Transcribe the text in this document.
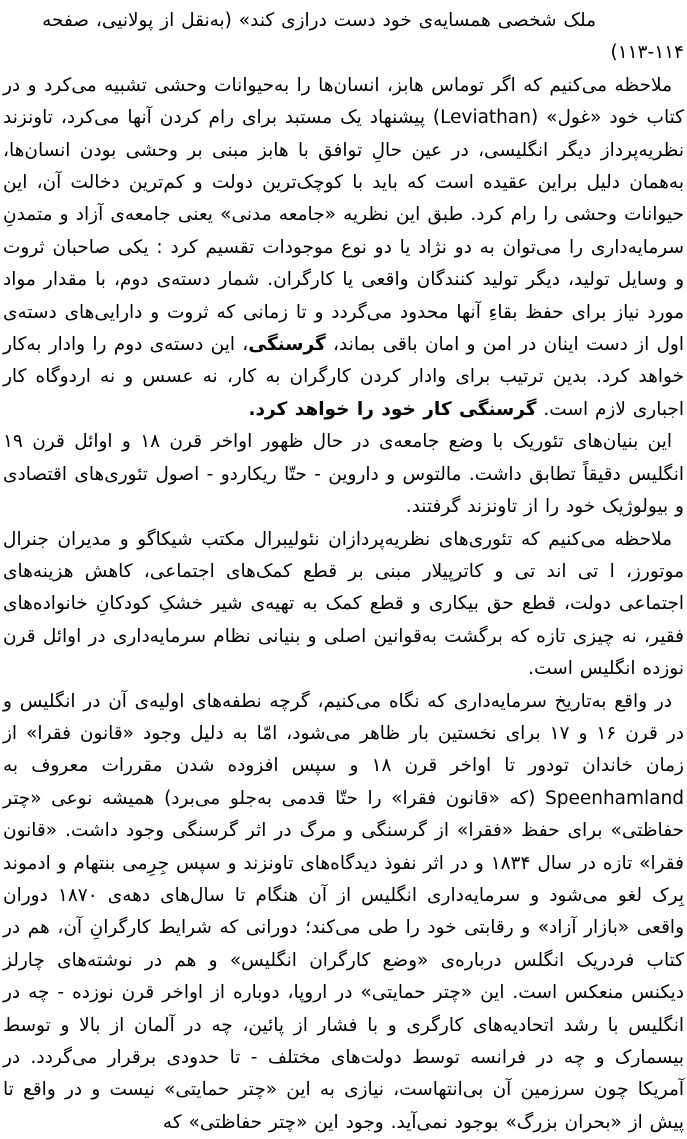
ملک شخصی همسایه‌ی خود دست درازی کند» (به‌نقل از پولانیی، صفحه ۱۱۴-۱۱۳)

ملاحظه می‌کنیم که اگر توماس هابز، انسان‌ها را به‌حیوانات وحشی تشبیه می‌کرد و در کتاب خود «غول» (Leviathan) پیشنهاد یک مستبد برای رام کردن آنها می‌کرد، تاونزند نظریه‌پرداز دیگر انگلیسی، در عین حالِ توافق با هابز مبنی بر وحشی بودن انسان‌ها، به‌همان دلیل براین عقیده است که باید با کوچک‌ترین دولت و کم‌ترین دخالت آن، این حیوانات وحشی را رام کرد. طبق این نظریه «جامعه مدنی» یعنی جامعه‌ی آزاد و متمدنِ سرمایه‌داری را می‌توان به دو نژاد یا دو نوع موجودات تقسیم کرد : یکی صاحبان ثروت و وسایل تولید، دیگر تولید کنندگان واقعی یا کارگران. شمار دسته‌ی دوم، با مقدار مواد مورد نیاز برای حفظ بقاءِ آنها محدود می‌گردد و تا زمانی که ثروت و دارایی‌های دسته‌ی اول از دست اینان در امن و امان باقی بماند، گرسنگی، این دسته‌ی دوم را وادار به‌کار خواهد کرد. بدین ترتیب برای وادار کردن کارگران به کار، نه عسس و نه اردوگاه کار اجباری لازم است. گرسنگی کار خود را خواهد کرد.

این بنیان‌های تئوریک با وضع جامعه‌ی در حال ظهور اواخر قرن ۱۸ و اوائل قرن ۱۹ انگلیس دقیقاً تطابق داشت. مالتوس و داروین - حتّا ریکاردو - اصول تئوری‌های اقتصادی و بیولوژیک خود را از تاونزند گرفتند.

ملاحظه می‌کنیم که تئوری‌های نظریه‌پردازان نئولیبرال مکتب شیکاگو و مدیران جنرال موتورز، ا تی اند تی و کاترپیلار مبنی بر قطع کمک‌های اجتماعی، کاهش هزینه‌های اجتماعی دولت، قطع حق بیکاری و قطع کمک به تهیه‌ی شیر خشکِ کودکانِ خانواده‌های فقیر، نه چیزی تازه که برگشت به‌قوانین اصلی و بنیانی نظام سرمایه‌داری در اوائل قرن نوزده انگلیس است.

در واقع به‌تاریخ سرمایه‌داری که نگاه می‌کنیم، گرچه نطفه‌های اولیه‌ی آن در انگلیس و در قرن ۱۶ و ۱۷ برای نخستین بار ظاهر می‌شود، امّا به دلیل وجود «قانون فقرا» از زمان خاندان تودور تا اواخر قرن ۱۸ و سپس افزوده شدن مقررات معروف به Speenhamland (که «قانون فقرا» را حتّا قدمی به‌جلو می‌برد) همیشه نوعی «چتر حفاظتی» برای حفظ «فقرا» از گرسنگی و مرگ در اثر گرسنگی وجود داشت. «قانون فقرا» تازه در سال ۱۸۳۴ و در اثر نفوذ دیدگاه‌های تاونزند و سپس جِرِمی بنتهام و ادموند بِرک لغو می‌شود و سرمایه‌داری انگلیس از آن هنگام تا سال‌های دهه‌ی ۱۸۷۰ دوران واقعی «بازار آزاد» و رقابتی خود را طی می‌کند؛ دورانی که شرایط کارگرانِ آن، هم در کتاب فردریک انگلس درباره‌ی «وضع کارگران انگلیس» و هم در نوشته‌های چارلز دیکنس منعکس است. این «چتر حمایتی» در اروپا، دوباره از اواخر قرن نوزده - چه در انگلیس با رشد اتحادیه‌های کارگری و با فشار از پائین، چه در آلمان از بالا و توسط بیسمارک و چه در فرانسه توسط دولت‌های مختلف - تا حدودی برقرار می‌گردد. در آمریکا چون سرزمین آن بی‌انتهاست، نیازی به این «چتر حمایتی» نیست و در واقع تا پیش از «بحران بزرگ» بوجود نمی‌آید. وجود این «چتر حفاظتی» که
